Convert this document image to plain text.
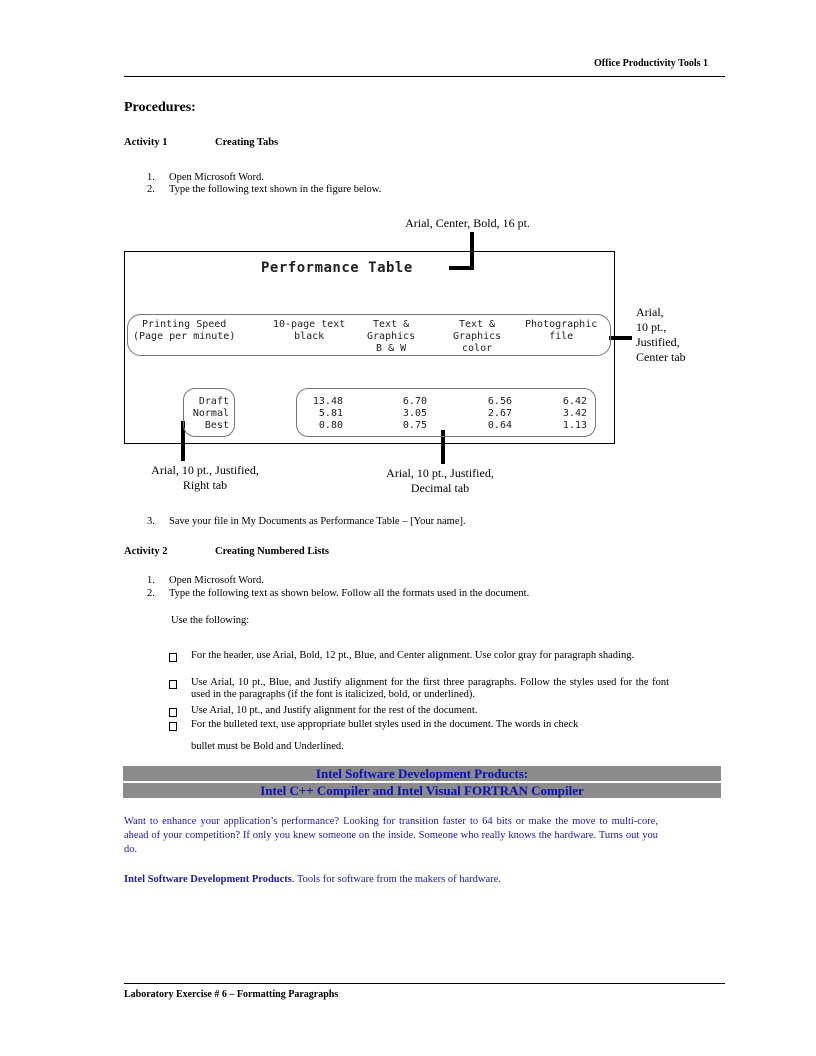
Office Productivity Tools 1
Procedures:
Activity 1	Creating Tabs
1. Open Microsoft Word.
2. Type the following text shown in the figure below.
Arial, Center, Bold, 16 pt.
Arial,
10 pt.,
Justified,
Center tab
Arial, 10 pt., Justified,
Right tab
Arial, 10 pt., Justified,
Decimal tab
Performance Table
Printing Speed
(Page per minute)
10-page text
black
Text &
Graphics
B & W
Text &
Graphics
color
Photographic
file
Draft
Normal
Best
13.48
5.81
0.80
6.70
3.05
0.75
6.56
2.67
0.64
6.42
3.42
1.13
3. Save your file in My Documents as Performance Table – [Your name].
Activity 2	Creating Numbered Lists
1. Open Microsoft Word.
2. Type the following text as shown below. Follow all the formats used in the document.
Use the following:
For the header, use Arial, Bold, 12 pt., Blue, and Center alignment. Use color gray for paragraph shading.
Use Arial, 10 pt., Blue, and Justify alignment for the first three paragraphs. Follow the styles used for the font used in the paragraphs (if the font is italicized, bold, or underlined).
Use Arial, 10 pt., and Justify alignment for the rest of the document.
For the bulleted text, use appropriate bullet styles used in the document. The words in check
bullet must be Bold and Underlined.
Intel Software Development Products:
Intel C++ Compiler and Intel Visual FORTRAN Compiler
Want to enhance your application’s performance? Looking for transition faster to 64 bits or make the move to multi-core, ahead of your competition? If only you knew someone on the inside. Someone who really knows the hardware. Turns out you do.
Intel Software Development Products. Tools for software from the makers of hardware.
Laboratory Exercise # 6 – Formatting Paragraphs
